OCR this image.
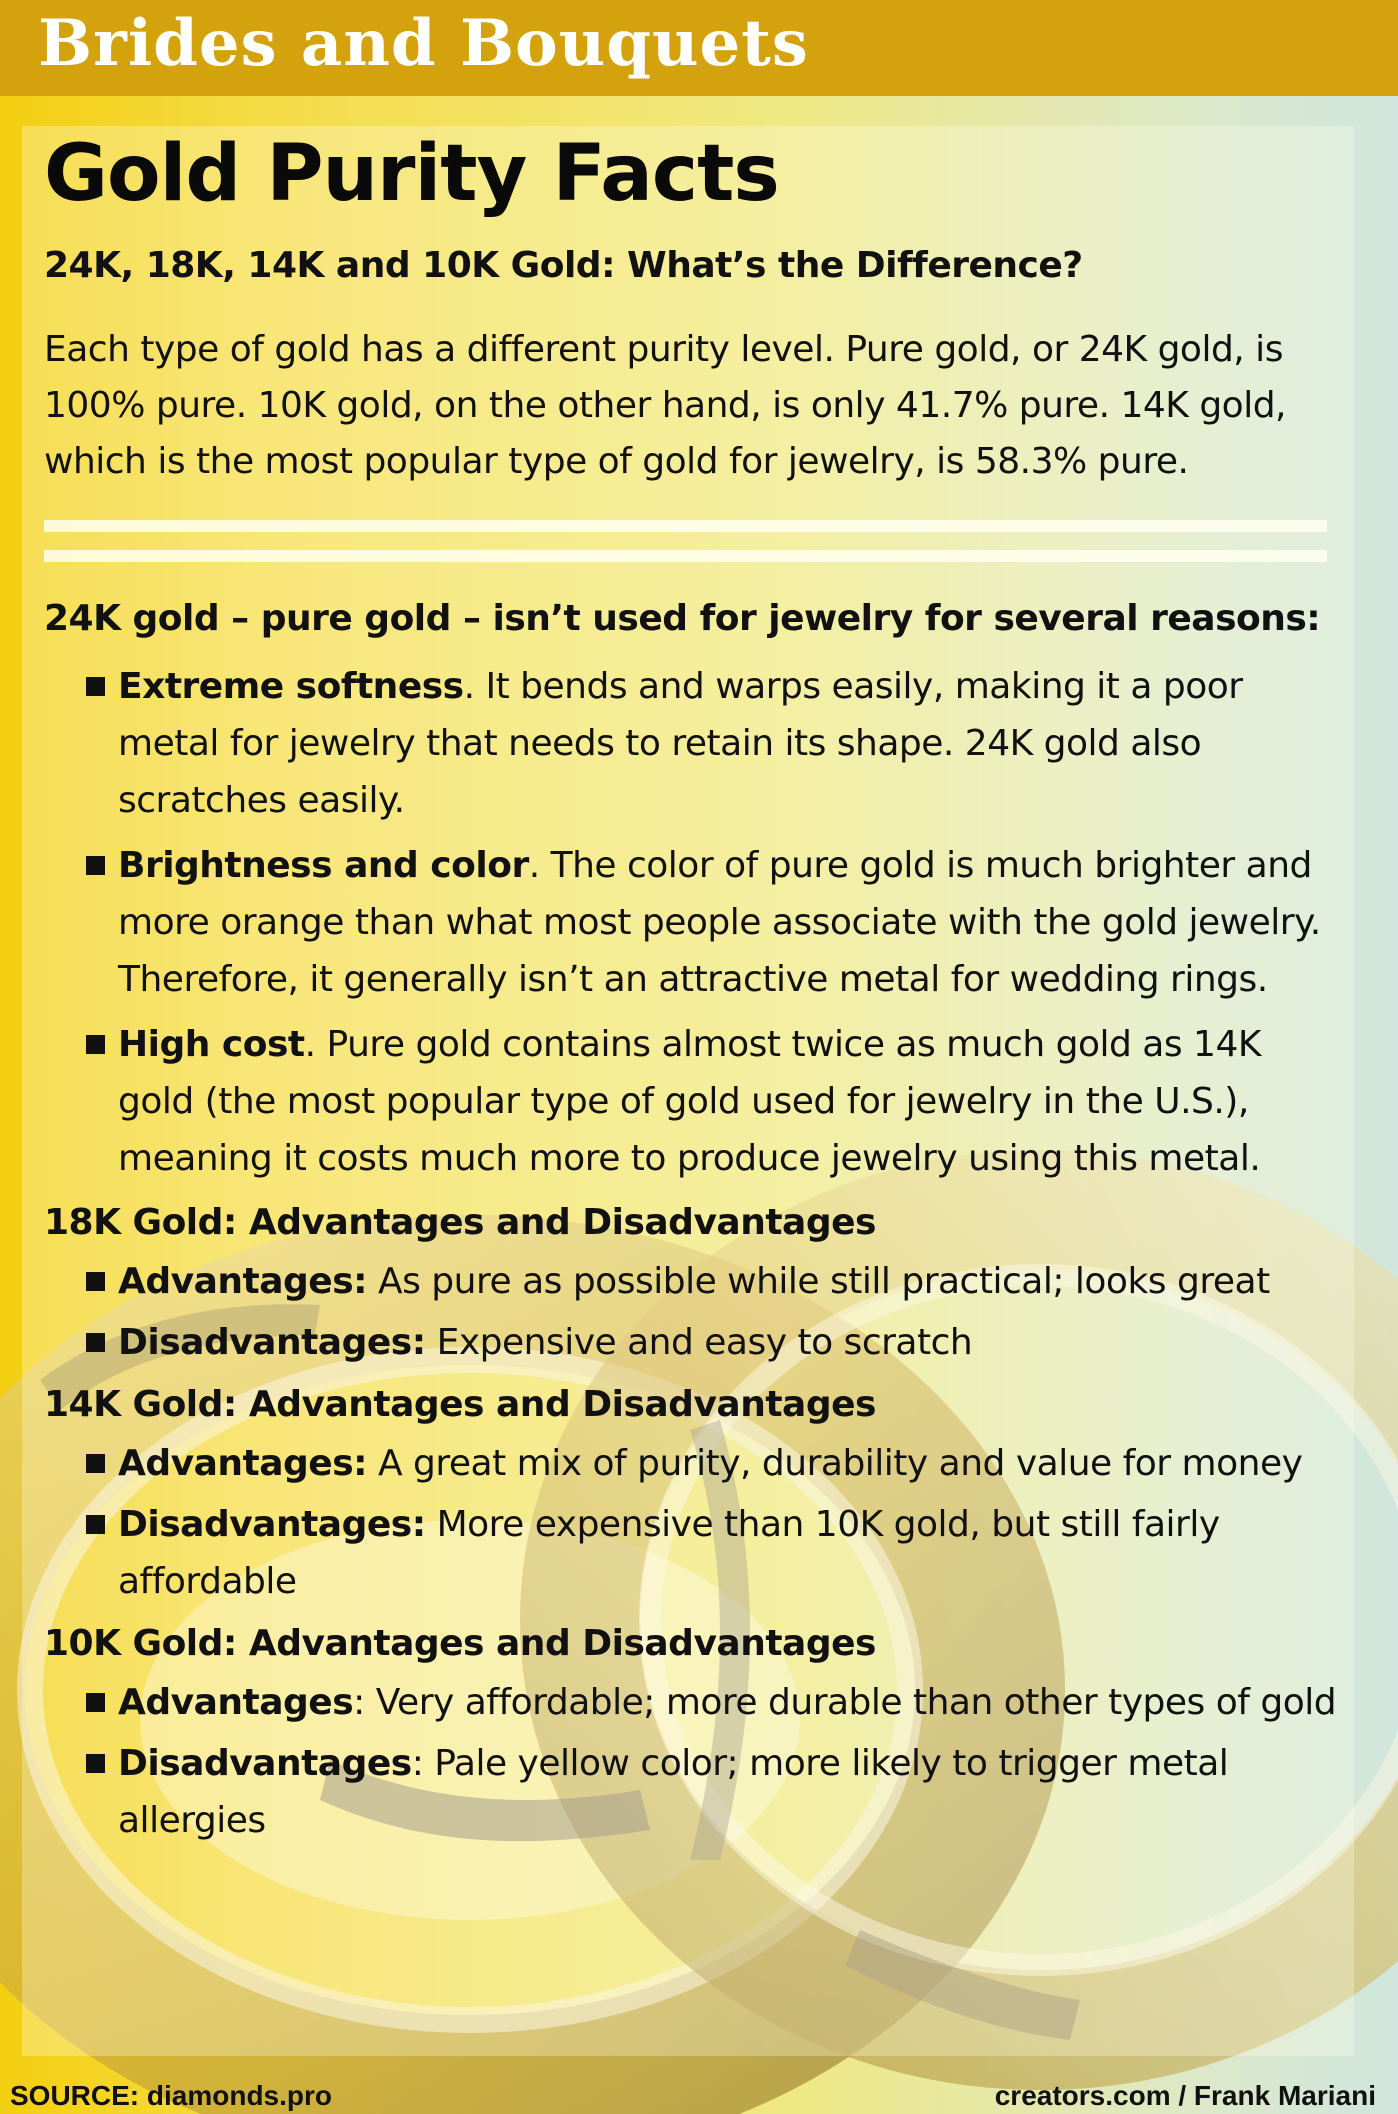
Brides and Bouquets
Gold Purity Facts
24K, 18K, 14K and 10K Gold: What’s the Difference?

Each type of gold has a different purity level. Pure gold, or 24K gold, is 100% pure. 10K gold, on the other hand, is only 41.7% pure. 14K gold, which is the most popular type of gold for jewelry, is 58.3% pure.

24K gold – pure gold – isn’t used for jewelry for several reasons:
Extreme softness. It bends and warps easily, making it a poor metal for jewelry that needs to retain its shape. 24K gold also scratches easily.
Brightness and color. The color of pure gold is much brighter and more orange than what most people associate with the gold jewelry. Therefore, it generally isn’t an attractive metal for wedding rings.
High cost. Pure gold contains almost twice as much gold as 14K gold (the most popular type of gold used for jewelry in the U.S.), meaning it costs much more to produce jewelry using this metal.
18K Gold: Advantages and Disadvantages
Advantages: As pure as possible while still practical; looks great
Disadvantages: Expensive and easy to scratch
14K Gold: Advantages and Disadvantages
Advantages: A great mix of purity, durability and value for money
Disadvantages: More expensive than 10K gold, but still fairly affordable
10K Gold: Advantages and Disadvantages
Advantages: Very affordable; more durable than other types of gold
Disadvantages: Pale yellow color; more likely to trigger metal allergies
SOURCE: diamonds.pro	creators.com / Frank Mariani
